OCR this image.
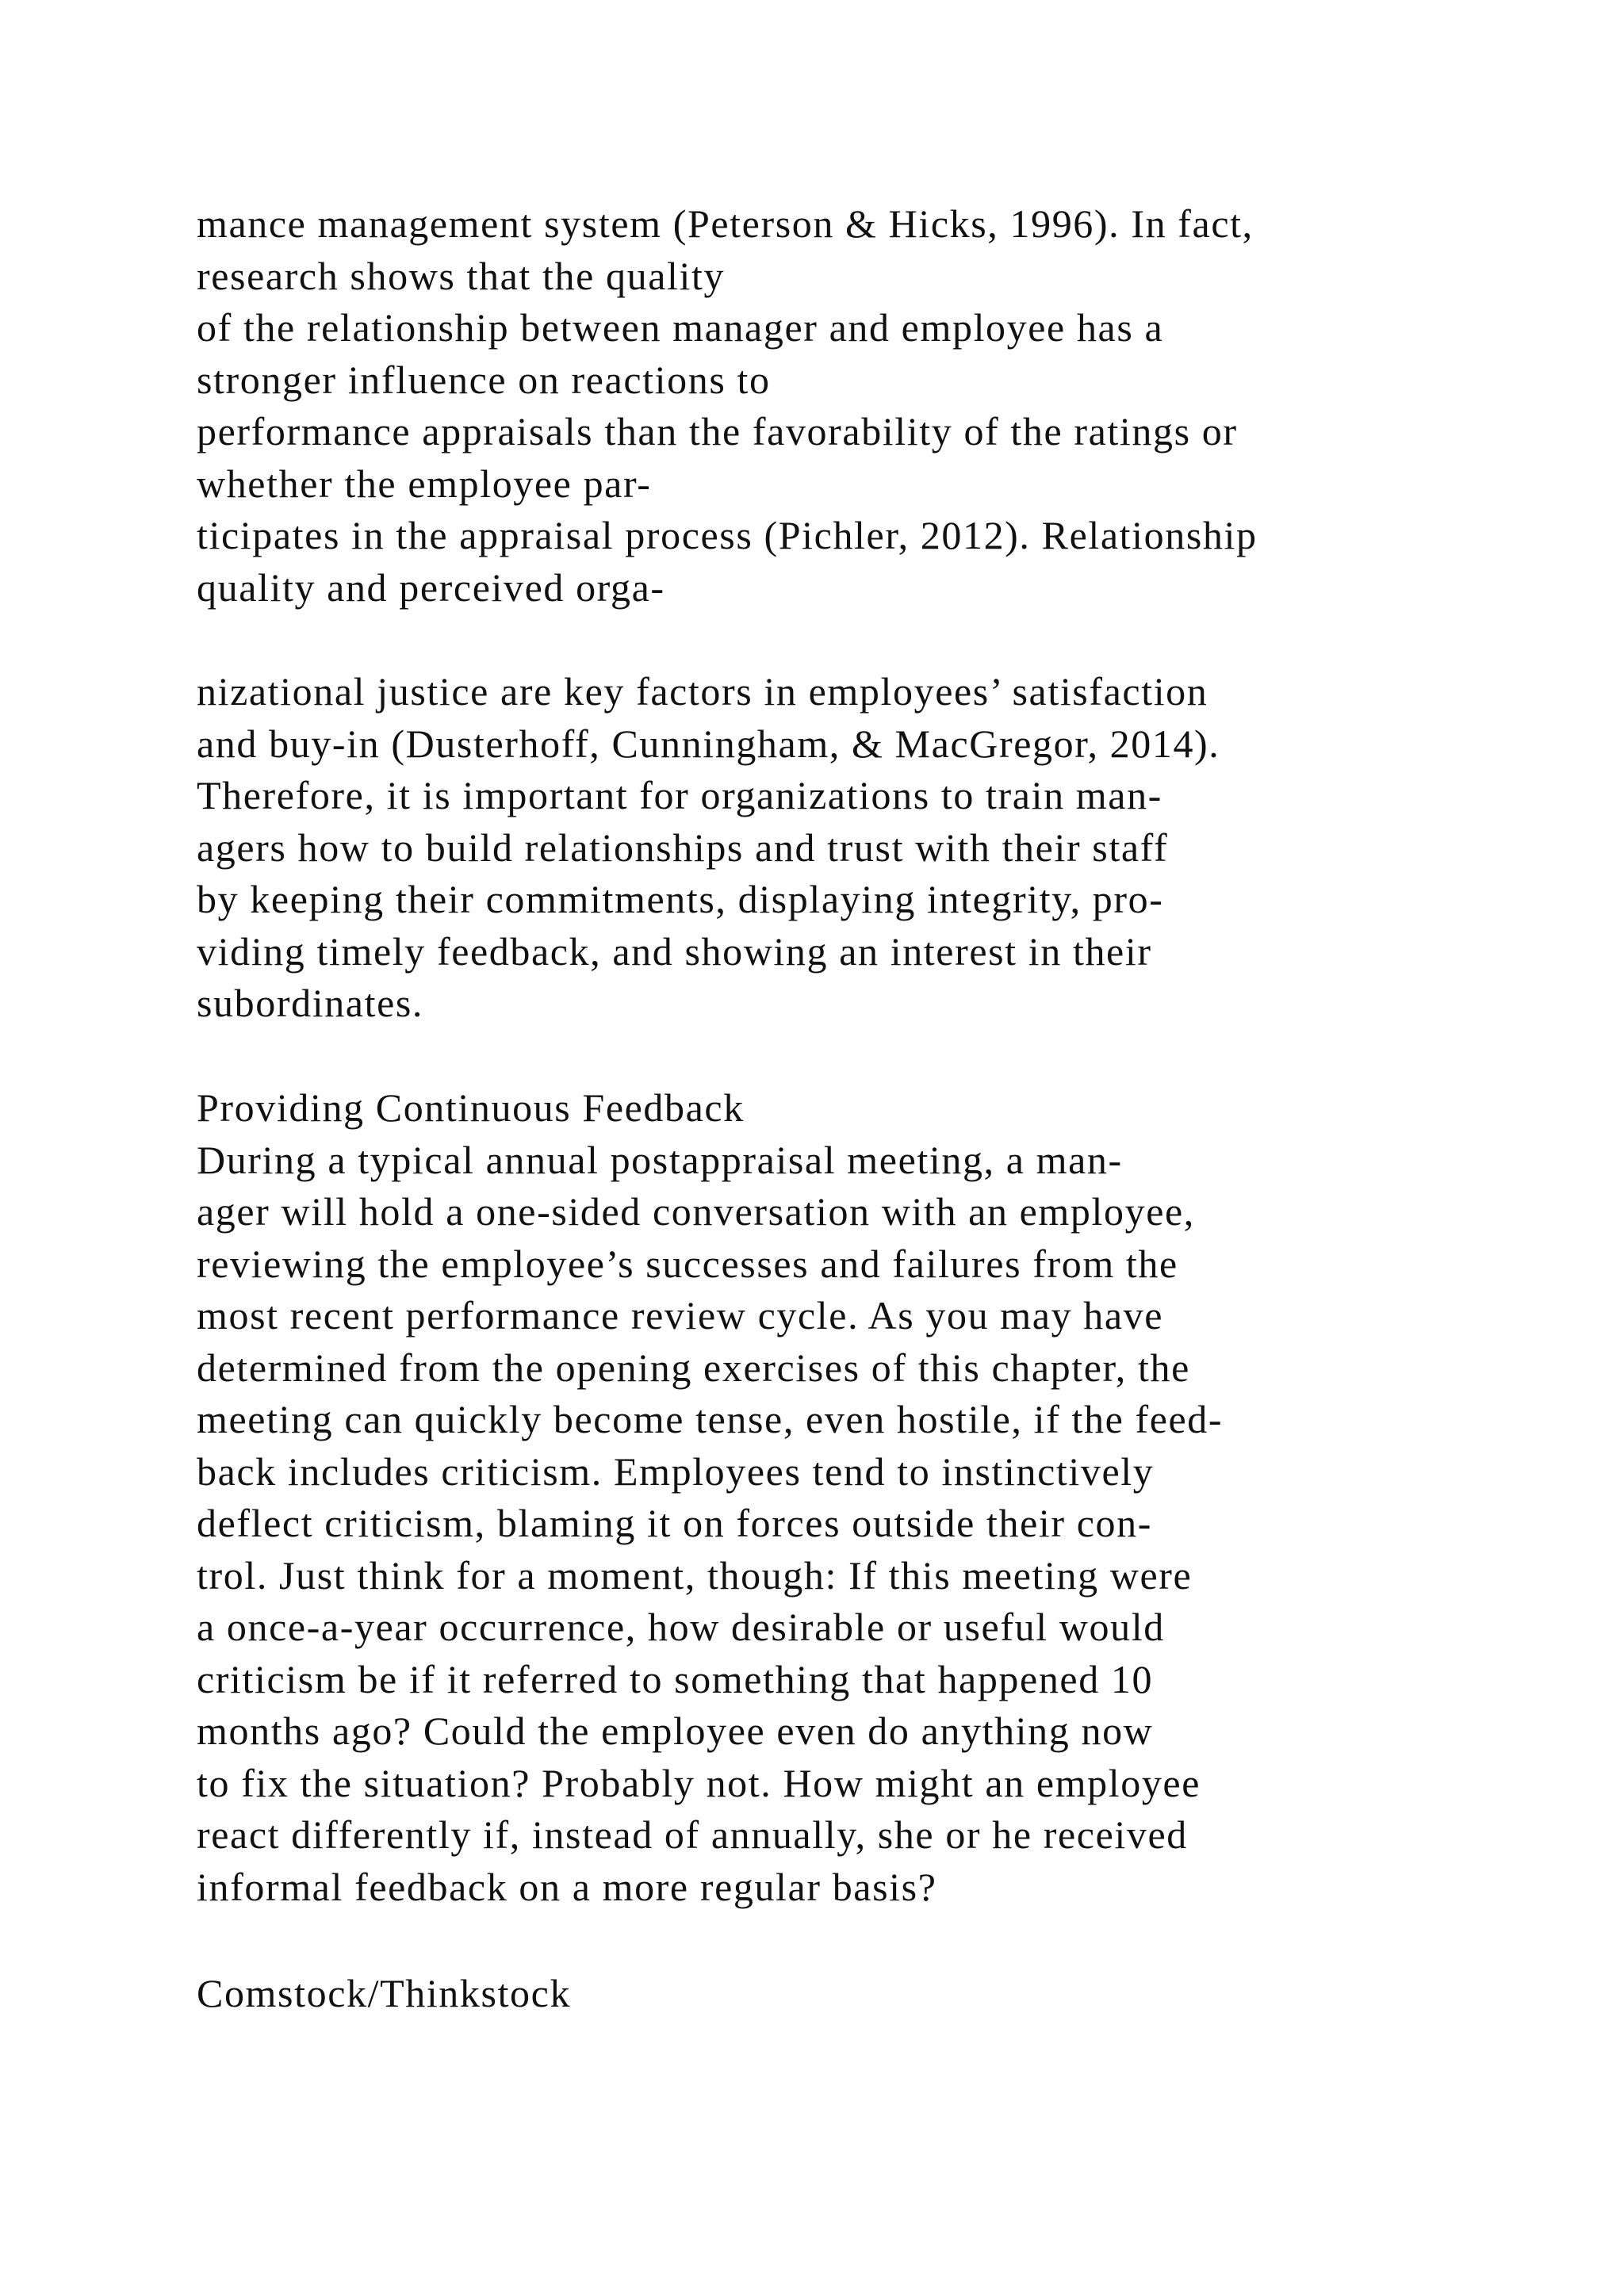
mance management system (Peterson & Hicks, 1996). In fact,
research shows that the quality
of the relationship between manager and employee has a
stronger influence on reactions to
performance appraisals than the favorability of the ratings or
whether the employee par-
ticipates in the appraisal process (Pichler, 2012). Relationship
quality and perceived orga-
nizational justice are key factors in employees’ satisfaction
and buy-in (Dusterhoff, Cunningham, & MacGregor, 2014).
Therefore, it is important for organizations to train man-
agers how to build relationships and trust with their staff
by keeping their commitments, displaying integrity, pro-
viding timely feedback, and showing an interest in their
subordinates.
Providing Continuous Feedback
During a typical annual postappraisal meeting, a man-
ager will hold a one-sided conversation with an employee,
reviewing the employee’s successes and failures from the
most recent performance review cycle. As you may have
determined from the opening exercises of this chapter, the
meeting can quickly become tense, even hostile, if the feed-
back includes criticism. Employees tend to instinctively
deflect criticism, blaming it on forces outside their con-
trol. Just think for a moment, though: If this meeting were
a once-a-year occurrence, how desirable or useful would
criticism be if it referred to something that happened 10
months ago? Could the employee even do anything now
to fix the situation? Probably not. How might an employee
react differently if, instead of annually, she or he received
informal feedback on a more regular basis?
Comstock/Thinkstock
